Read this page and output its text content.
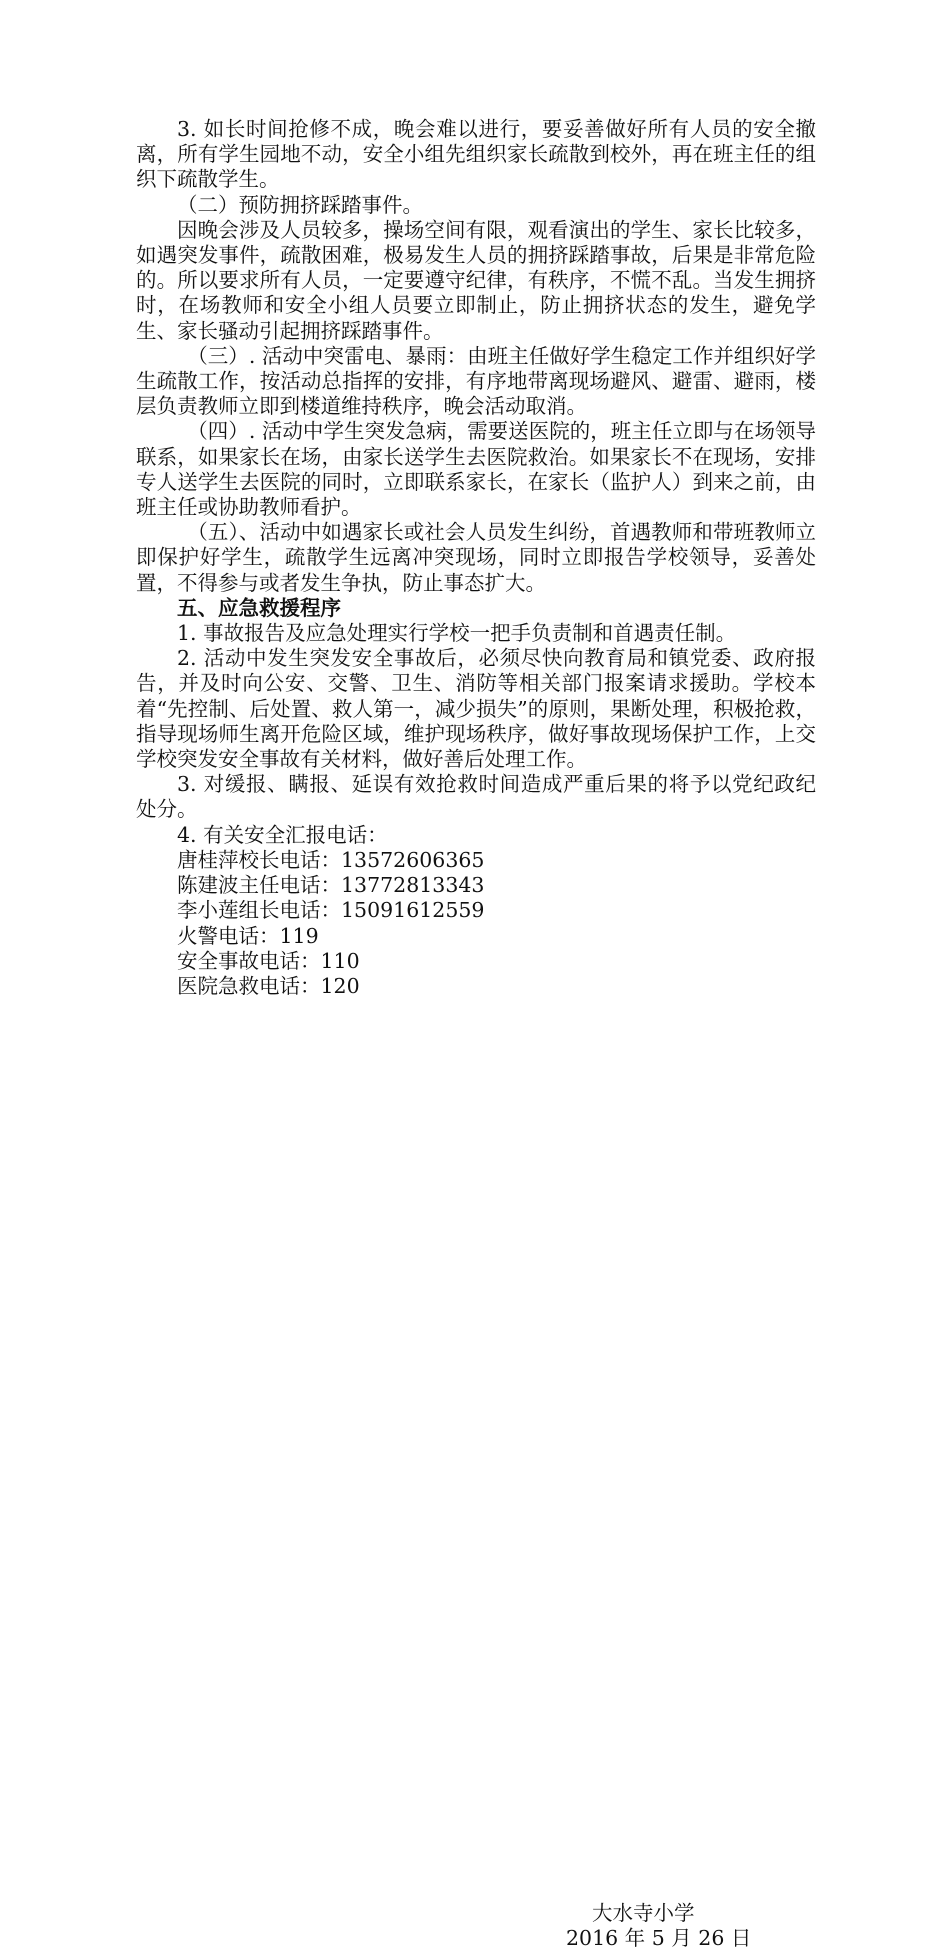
3. 如长时间抢修不成，晚会难以进行，要妥善做好所有人员的安全撤离，所有学生园地不动，安全小组先组织家长疏散到校外，再在班主任的组织下疏散学生。

（二）预防拥挤踩踏事件。

因晚会涉及人员较多，操场空间有限，观看演出的学生、家长比较多，如遇突发事件，疏散困难，极易发生人员的拥挤踩踏事故，后果是非常危险的。所以要求所有人员，一定要遵守纪律，有秩序，不慌不乱。当发生拥挤时，在场教师和安全小组人员要立即制止，防止拥挤状态的发生，避免学生、家长骚动引起拥挤踩踏事件。

（三）. 活动中突雷电、暴雨：由班主任做好学生稳定工作并组织好学生疏散工作，按活动总指挥的安排，有序地带离现场避风、避雷、避雨，楼层负责教师立即到楼道维持秩序，晚会活动取消。

（四）. 活动中学生突发急病，需要送医院的，班主任立即与在场领导联系，如果家长在场，由家长送学生去医院救治。如果家长不在现场，安排专人送学生去医院的同时，立即联系家长，在家长（监护人）到来之前，由班主任或协助教师看护。

（五）、活动中如遇家长或社会人员发生纠纷，首遇教师和带班教师立即保护好学生，疏散学生远离冲突现场，同时立即报告学校领导，妥善处置，不得参与或者发生争执，防止事态扩大。

五、应急救援程序

1. 事故报告及应急处理实行学校一把手负责制和首遇责任制。

2. 活动中发生突发安全事故后，必须尽快向教育局和镇党委、政府报告，并及时向公安、交警、卫生、消防等相关部门报案请求援助。学校本着“先控制、后处置、救人第一，减少损失”的原则，果断处理，积极抢救，指导现场师生离开危险区域，维护现场秩序，做好事故现场保护工作，上交学校突发安全事故有关材料，做好善后处理工作。

3. 对缓报、瞒报、延误有效抢救时间造成严重后果的将予以党纪政纪处分。

4. 有关安全汇报电话：

唐桂萍校长电话：13572606365

陈建波主任电话：13772813343

李小莲组长电话：15091612559

火警电话：119

安全事故电话：110

医院急救电话：120

大水寺小学
2016 年 5 月 26 日
